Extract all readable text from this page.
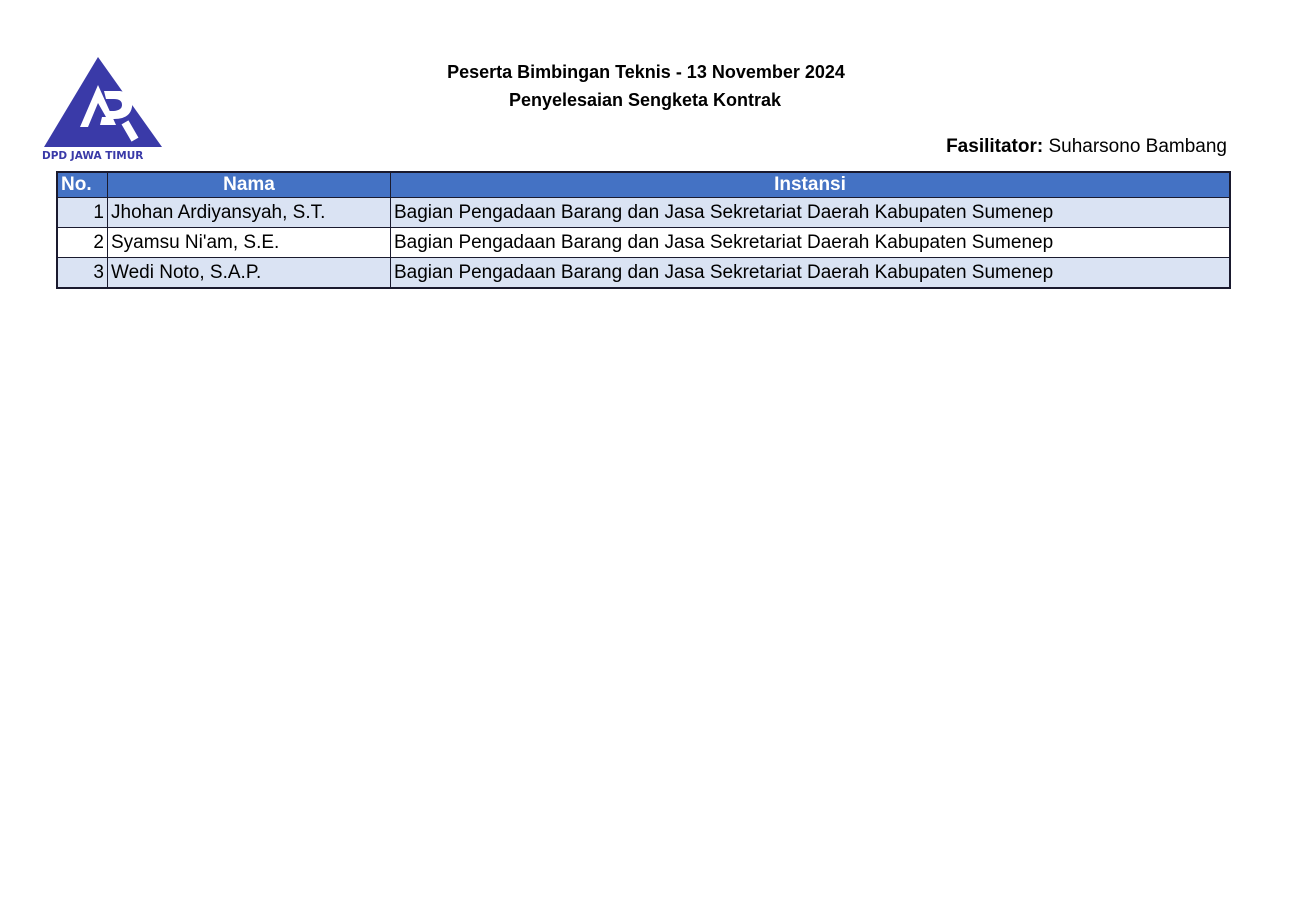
DPD JAWA TIMUR
Peserta Bimbingan Teknis - 13 November 2024
Penyelesaian Sengketa Kontrak
Fasilitator: Suharsono Bambang
No.	Nama	Instansi
1	Jhohan Ardiyansyah, S.T.	Bagian Pengadaan Barang dan Jasa Sekretariat Daerah Kabupaten Sumenep
2	Syamsu Ni'am, S.E.	Bagian Pengadaan Barang dan Jasa Sekretariat Daerah Kabupaten Sumenep
3	Wedi Noto, S.A.P.	Bagian Pengadaan Barang dan Jasa Sekretariat Daerah Kabupaten Sumenep
